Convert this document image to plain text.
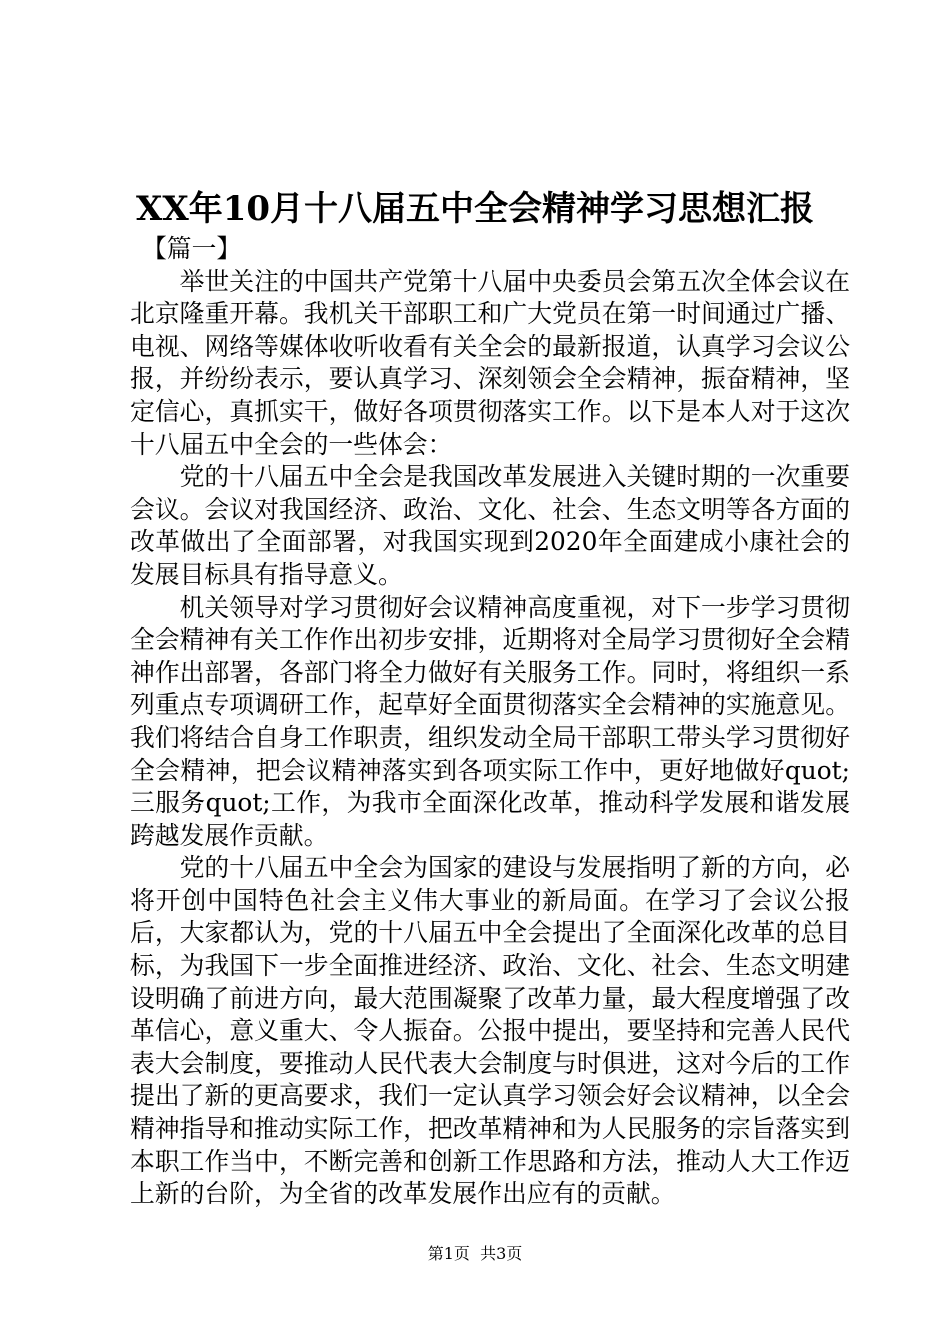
XX年10月十八届五中全会精神学习思想汇报

【篇一】

举世关注的中国共产党第十八届中央委员会第五次全体会议在北京隆重开幕。我机关干部职工和广大党员在第一时间通过广播、电视、网络等媒体收听收看有关全会的最新报道，认真学习会议公报，并纷纷表示，要认真学习、深刻领会全会精神，振奋精神，坚定信心，真抓实干，做好各项贯彻落实工作。以下是本人对于这次十八届五中全会的一些体会：

党的十八届五中全会是我国改革发展进入关键时期的一次重要会议。会议对我国经济、政治、文化、社会、生态文明等各方面的改革做出了全面部署，对我国实现到2020年全面建成小康社会的发展目标具有指导意义。

机关领导对学习贯彻好会议精神高度重视，对下一步学习贯彻全会精神有关工作作出初步安排，近期将对全局学习贯彻好全会精神作出部署，各部门将全力做好有关服务工作。同时，将组织一系列重点专项调研工作，起草好全面贯彻落实全会精神的实施意见。我们将结合自身工作职责，组织发动全局干部职工带头学习贯彻好全会精神，把会议精神落实到各项实际工作中，更好地做好quot;三服务quot;工作，为我市全面深化改革，推动科学发展和谐发展跨越发展作贡献。

党的十八届五中全会为国家的建设与发展指明了新的方向，必将开创中国特色社会主义伟大事业的新局面。在学习了会议公报后，大家都认为，党的十八届五中全会提出了全面深化改革的总目标，为我国下一步全面推进经济、政治、文化、社会、生态文明建设明确了前进方向，最大范围凝聚了改革力量，最大程度增强了改革信心，意义重大、令人振奋。公报中提出，要坚持和完善人民代表大会制度，要推动人民代表大会制度与时俱进，这对今后的工作提出了新的更高要求，我们一定认真学习领会好会议精神，以全会精神指导和推动实际工作，把改革精神和为人民服务的宗旨落实到本职工作当中，不断完善和创新工作思路和方法，推动人大工作迈上新的台阶，为全省的改革发展作出应有的贡献。

第1页  共3页
